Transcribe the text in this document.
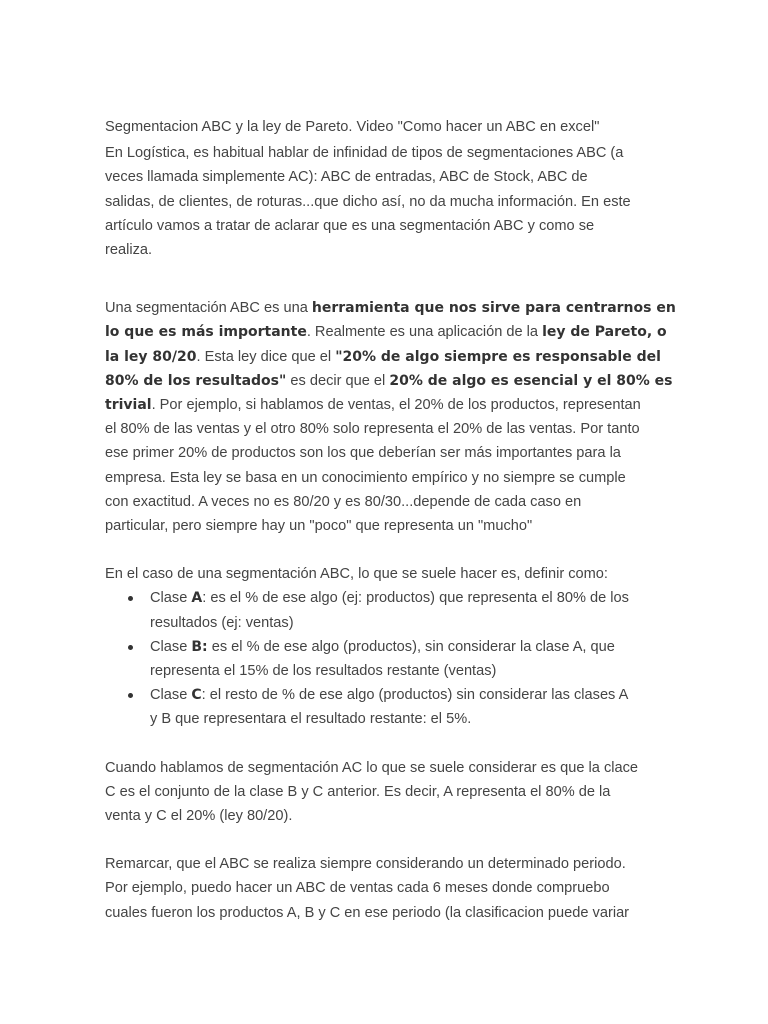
Segmentacion ABC y la ley de Pareto. Video "Como hacer un ABC en excel"
En Logística, es habitual hablar de infinidad de tipos de segmentaciones ABC (a
veces llamada simplemente AC): ABC de entradas, ABC de Stock, ABC de
salidas, de clientes, de roturas...que dicho así, no da mucha información. En este
artículo vamos a tratar de aclarar que es una segmentación ABC y como se
realiza.
Una segmentación ABC es una herramienta que nos sirve para centrarnos en
lo que es más importante. Realmente es una aplicación de la ley de Pareto, o
la ley 80/20. Esta ley dice que el "20% de algo siempre es responsable del
80% de los resultados" es decir que el 20% de algo es esencial y el 80% es
trivial. Por ejemplo, si hablamos de ventas, el 20% de los productos, representan
el 80% de las ventas y el otro 80% solo representa el 20% de las ventas. Por tanto
ese primer 20% de productos son los que deberían ser más importantes para la
empresa. Esta ley se basa en un conocimiento empírico y no siempre se cumple
con exactitud. A veces no es 80/20 y es 80/30...depende de cada caso en
particular, pero siempre hay un "poco" que representa un "mucho"
En el caso de una segmentación ABC, lo que se suele hacer es, definir como:
Clase A: es el % de ese algo (ej: productos) que representa el 80% de los
resultados (ej: ventas)
Clase B: es el % de ese algo (productos), sin considerar la clase A, que
representa el 15% de los resultados restante (ventas)
Clase C: el resto de % de ese algo (productos) sin considerar las clases A
y B que representara el resultado restante: el 5%.
Cuando hablamos de segmentación AC lo que se suele considerar es que la clace
C es el conjunto de la clase B y C anterior. Es decir, A representa el 80% de la
venta y C el 20% (ley 80/20).
Remarcar, que el ABC se realiza siempre considerando un determinado periodo.
Por ejemplo, puedo hacer un ABC de ventas cada 6 meses donde compruebo
cuales fueron los productos A, B y C en ese periodo (la clasificacion puede variar
